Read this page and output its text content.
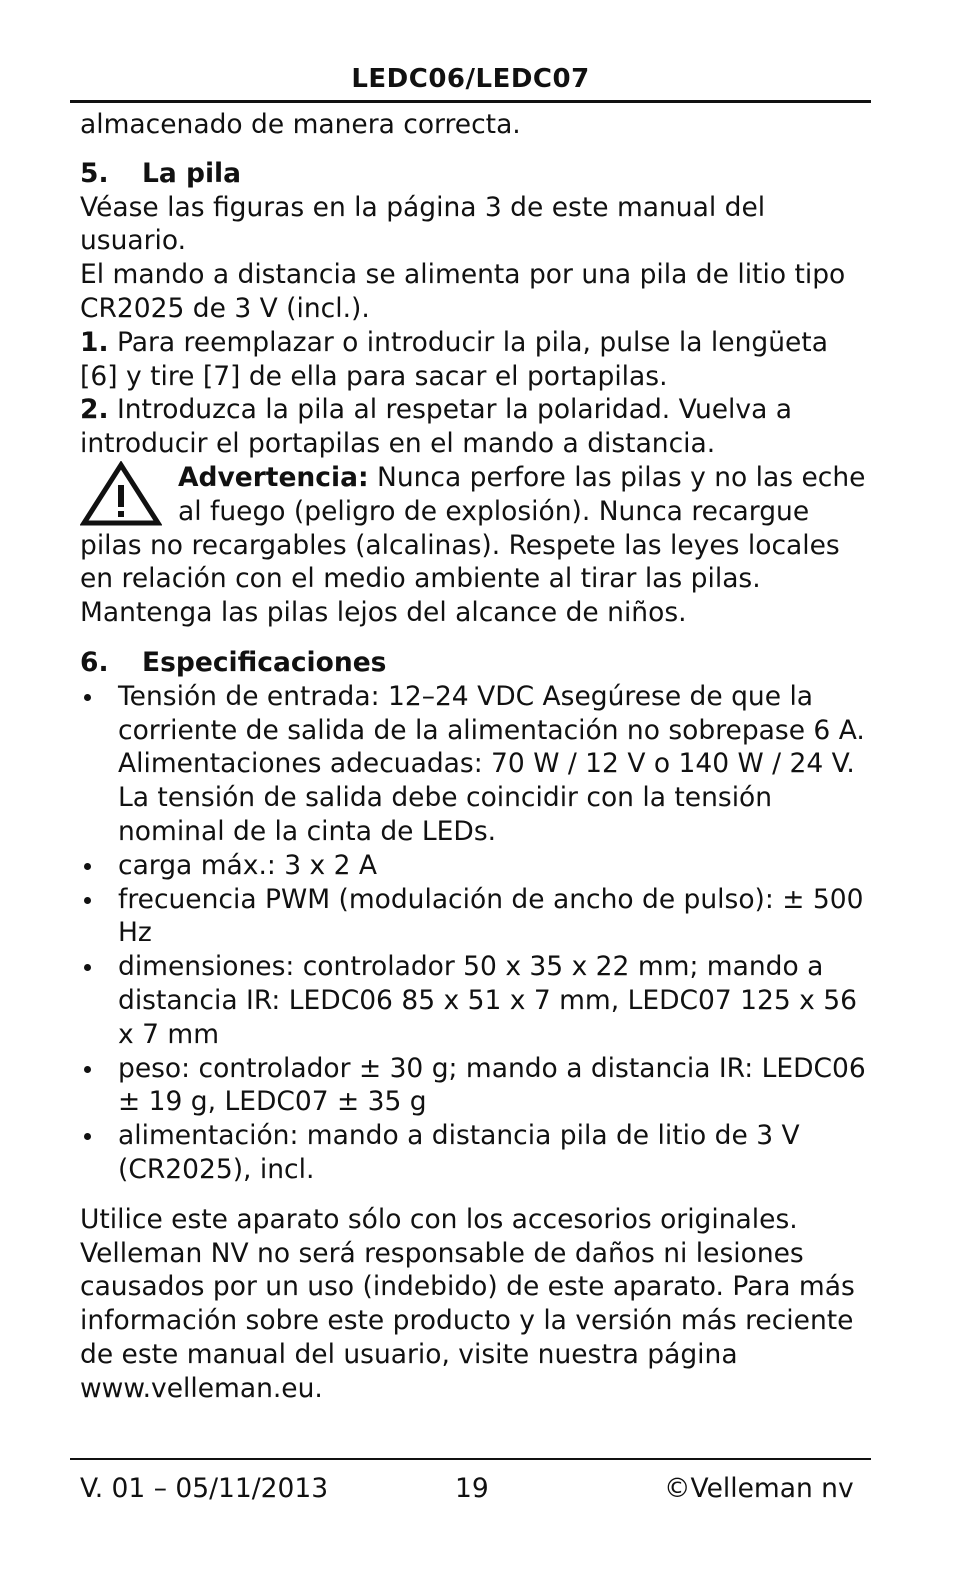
LEDC06/LEDC07

almacenado de manera correcta.

5.	La pila

Véase las figuras en la página 3 de este manual del usuario.

El mando a distancia se alimenta por una pila de litio tipo CR2025 de 3 V (incl.).

1. Para reemplazar o introducir la pila, pulse la lengüeta [6] y tire [7] de ella para sacar el portapilas.

2. Introduzca la pila al respetar la polaridad. Vuelva a introducir el portapilas en el mando a distancia.

Advertencia: Nunca perfore las pilas y no las eche al fuego (peligro de explosión). Nunca recargue pilas no recargables (alcalinas). Respete las leyes locales en relación con el medio ambiente al tirar las pilas. Mantenga las pilas lejos del alcance de niños.

6.	Especificaciones
Tensión de entrada: 12–24 VDC Asegúrese de que la corriente de salida de la alimentación no sobrepase 6 A. Alimentaciones adecuadas: 70 W / 12 V o 140 W / 24 V. La tensión de salida debe coincidir con la tensión nominal de la cinta de LEDs.
carga máx.: 3 x 2 A
frecuencia PWM (modulación de ancho de pulso): ± 500 Hz
dimensiones: controlador 50 x 35 x 22 mm; mando a distancia IR: LEDC06 85 x 51 x 7 mm, LEDC07 125 x 56 x 7 mm
peso: controlador ± 30 g; mando a distancia IR: LEDC06 ± 19 g, LEDC07 ± 35 g
alimentación: mando a distancia pila de litio de 3 V (CR2025), incl.

Utilice este aparato sólo con los accesorios originales. Velleman NV no será responsable de daños ni lesiones causados por un uso (indebido) de este aparato. Para más información sobre este producto y la versión más reciente de este manual del usuario, visite nuestra página www.velleman.eu.

V. 01 – 05/11/2013	19	©Velleman nv
